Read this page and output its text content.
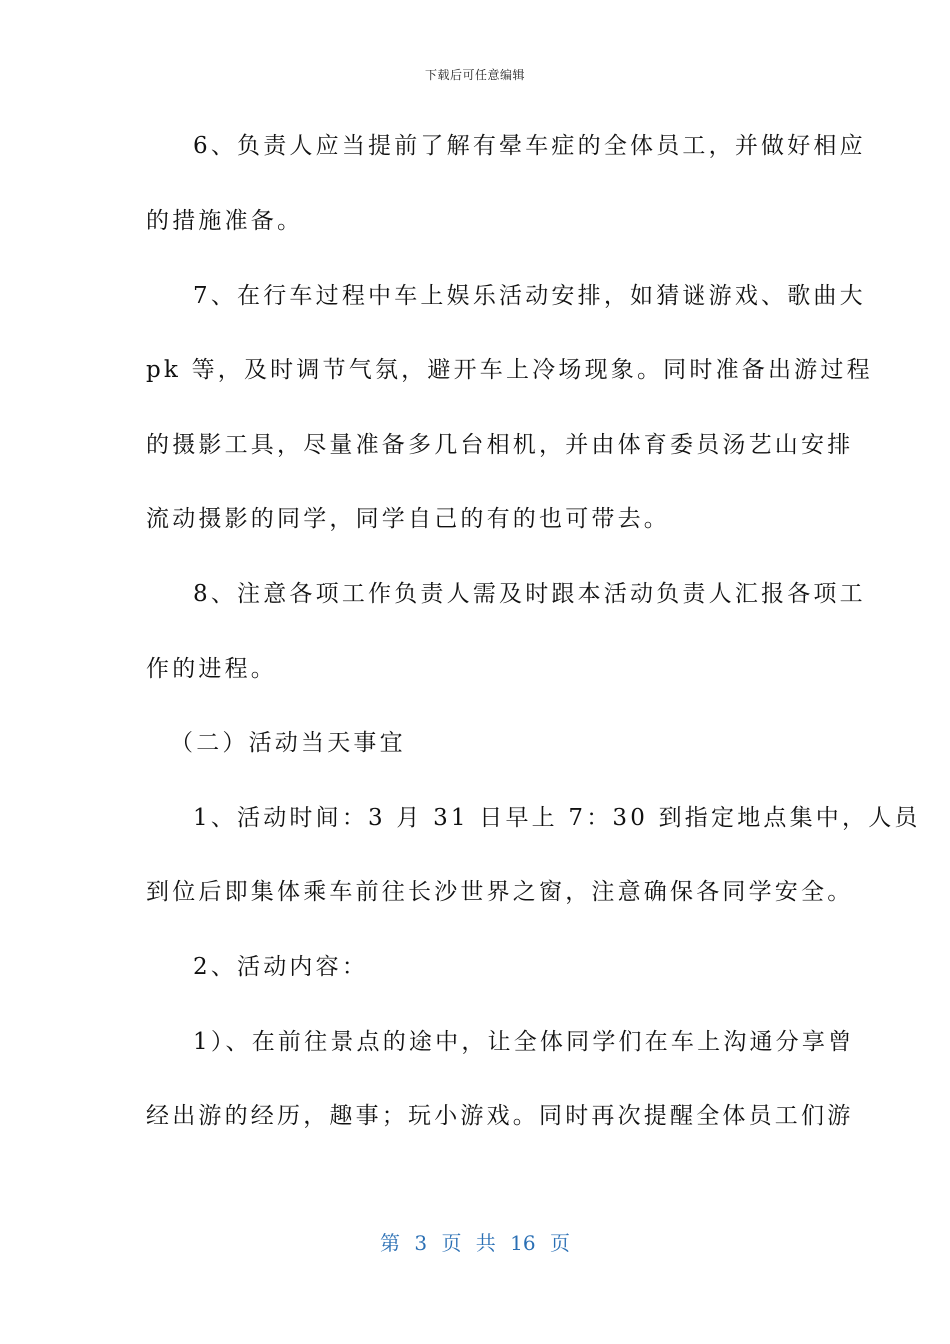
下载后可任意编辑
6、负责人应当提前了解有晕车症的全体员工，并做好相应
的措施准备。
7、在行车过程中车上娱乐活动安排，如猜谜游戏、歌曲大
pk 等，及时调节气氛，避开车上冷场现象。同时准备出游过程
的摄影工具，尽量准备多几台相机，并由体育委员汤艺山安排
流动摄影的同学，同学自己的有的也可带去。
8、注意各项工作负责人需及时跟本活动负责人汇报各项工
作的进程。
（二）活动当天事宜
1、活动时间：3 月 31 日早上 7：30 到指定地点集中，人员
到位后即集体乘车前往长沙世界之窗，注意确保各同学安全。
2、活动内容：
1）、在前往景点的途中，让全体同学们在车上沟通分享曾
经出游的经历，趣事；玩小游戏。同时再次提醒全体员工们游
第 3 页 共 16 页
